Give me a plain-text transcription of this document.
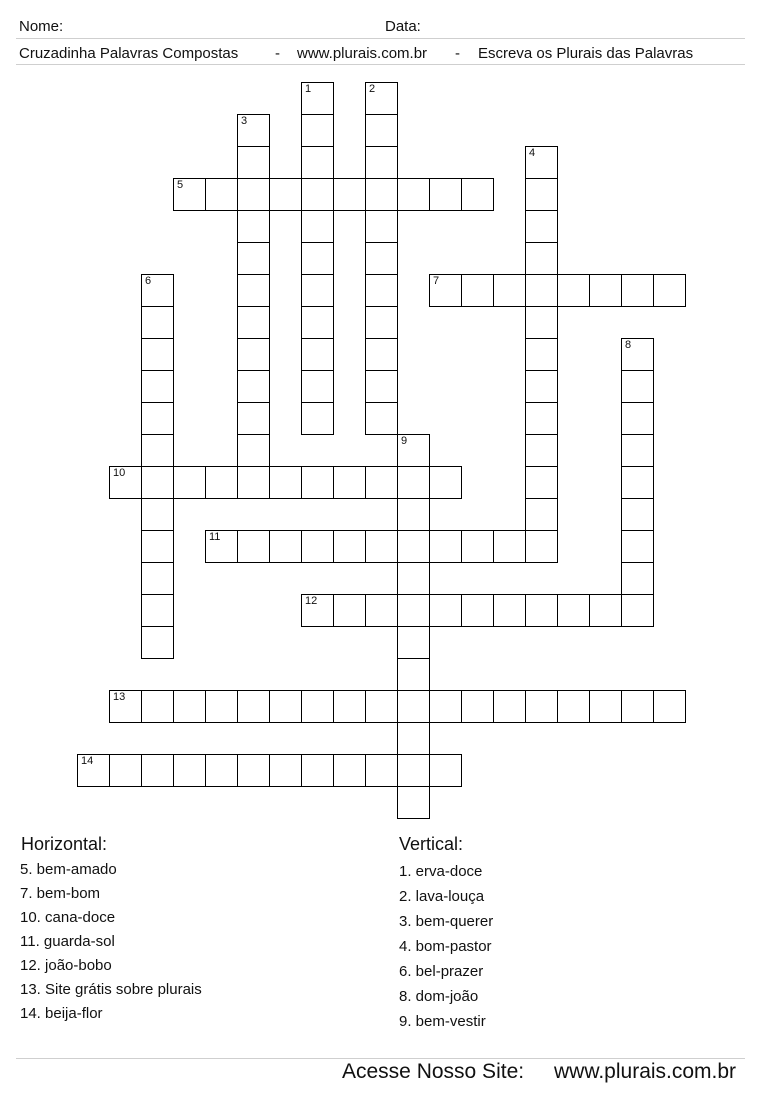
Nome:	Data:
Cruzadinha Palavras Compostas - www.plurais.com.br - Escreva os Plurais das Palavras
1	2
3
4
5
6	7
8
9
10
11
12
13
14
Horizontal:
5. bem-amado
7. bem-bom
10. cana-doce
11. guarda-sol
12. joão-bobo
13. Site grátis sobre plurais
14. beija-flor
Vertical:
1. erva-doce
2. lava-louça
3. bem-querer
4. bom-pastor
6. bel-prazer
8. dom-joão
9. bem-vestir
Acesse Nosso Site: www.plurais.com.br
